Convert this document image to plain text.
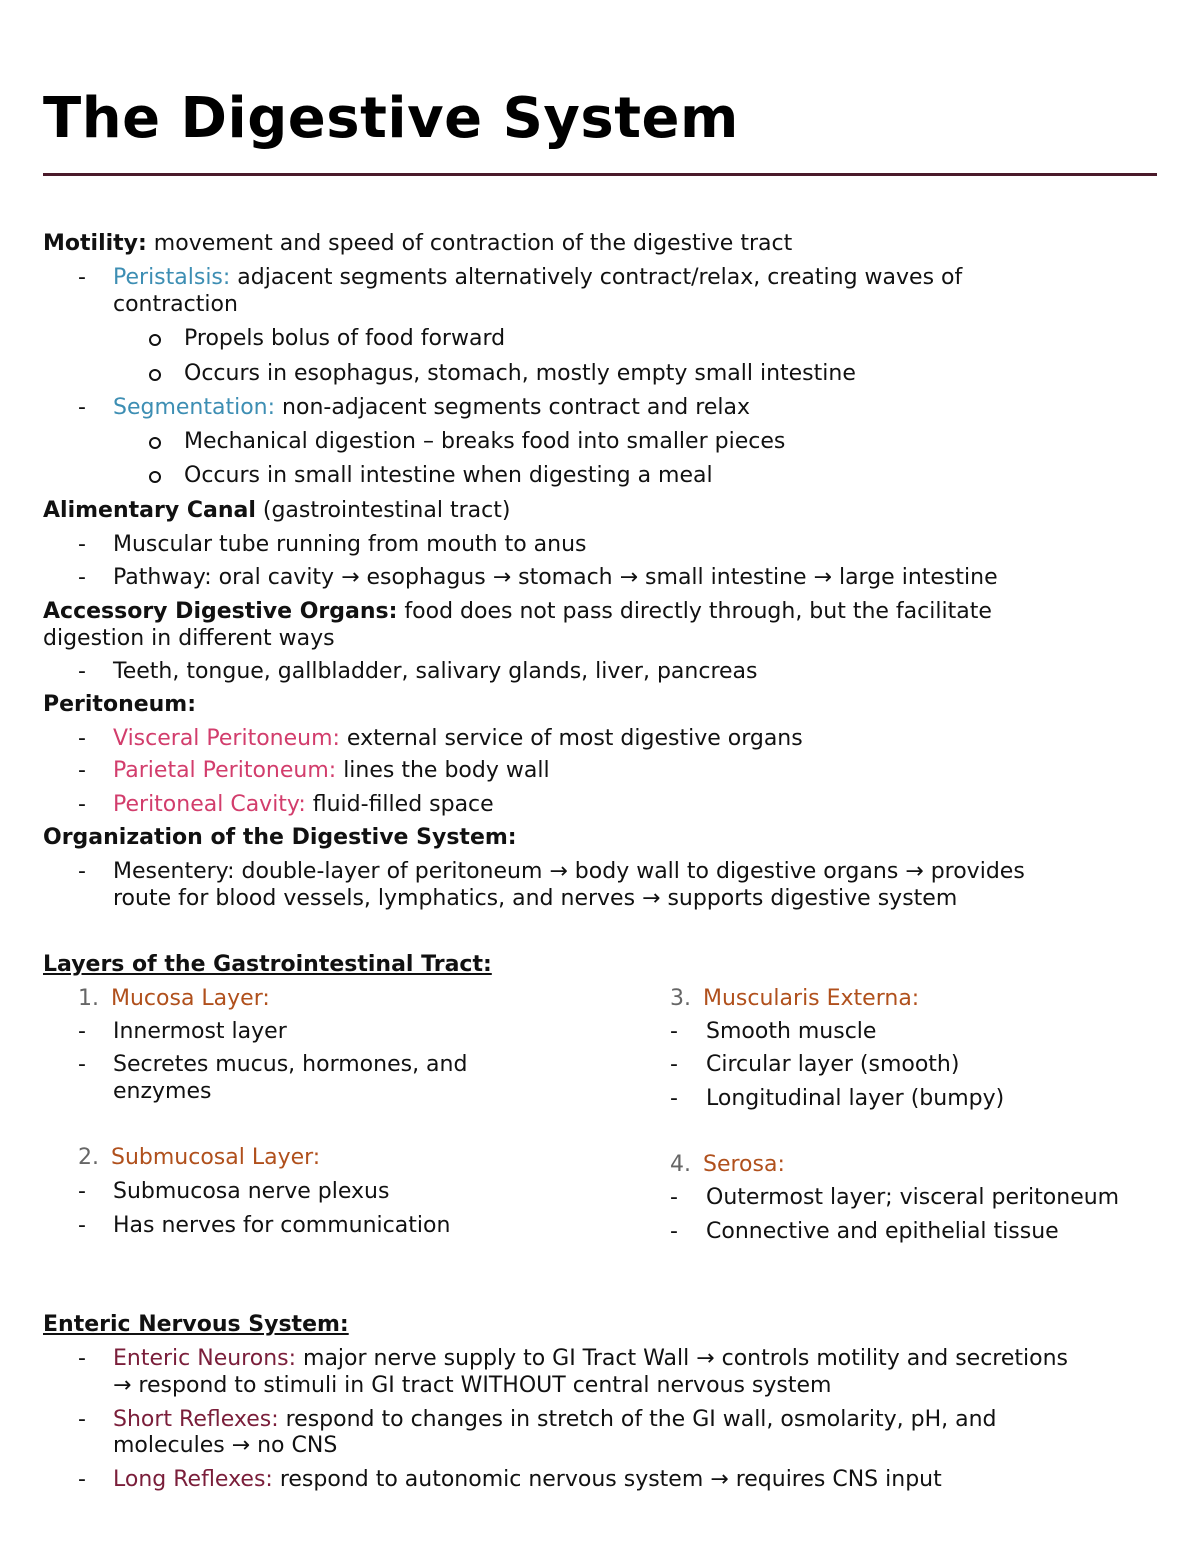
The Digestive System
Motility: movement and speed of contraction of the digestive tract
- Peristalsis: adjacent segments alternatively contract/relax, creating waves of
contraction
Propels bolus of food forward
Occurs in esophagus, stomach, mostly empty small intestine
- Segmentation: non-adjacent segments contract and relax
Mechanical digestion – breaks food into smaller pieces
Occurs in small intestine when digesting a meal
Alimentary Canal (gastrointestinal tract)
- Muscular tube running from mouth to anus
- Pathway: oral cavity → esophagus → stomach → small intestine → large intestine
Accessory Digestive Organs: food does not pass directly through, but the facilitate
digestion in different ways
- Teeth, tongue, gallbladder, salivary glands, liver, pancreas
Peritoneum:
- Visceral Peritoneum: external service of most digestive organs
- Parietal Peritoneum: lines the body wall
- Peritoneal Cavity: fluid-filled space
Organization of the Digestive System:
- Mesentery: double-layer of peritoneum → body wall to digestive organs → provides
route for blood vessels, lymphatics, and nerves → supports digestive system
Layers of the Gastrointestinal Tract:
1. Mucosa Layer:
- Innermost layer
- Secretes mucus, hormones, and
enzymes
2. Submucosal Layer:
- Submucosa nerve plexus
- Has nerves for communication
3. Muscularis Externa:
- Smooth muscle
- Circular layer (smooth)
- Longitudinal layer (bumpy)
4. Serosa:
- Outermost layer; visceral peritoneum
- Connective and epithelial tissue
Enteric Nervous System:
- Enteric Neurons: major nerve supply to GI Tract Wall → controls motility and secretions
→ respond to stimuli in GI tract WITHOUT central nervous system
- Short Reflexes: respond to changes in stretch of the GI wall, osmolarity, pH, and
molecules → no CNS
- Long Reflexes: respond to autonomic nervous system → requires CNS input
